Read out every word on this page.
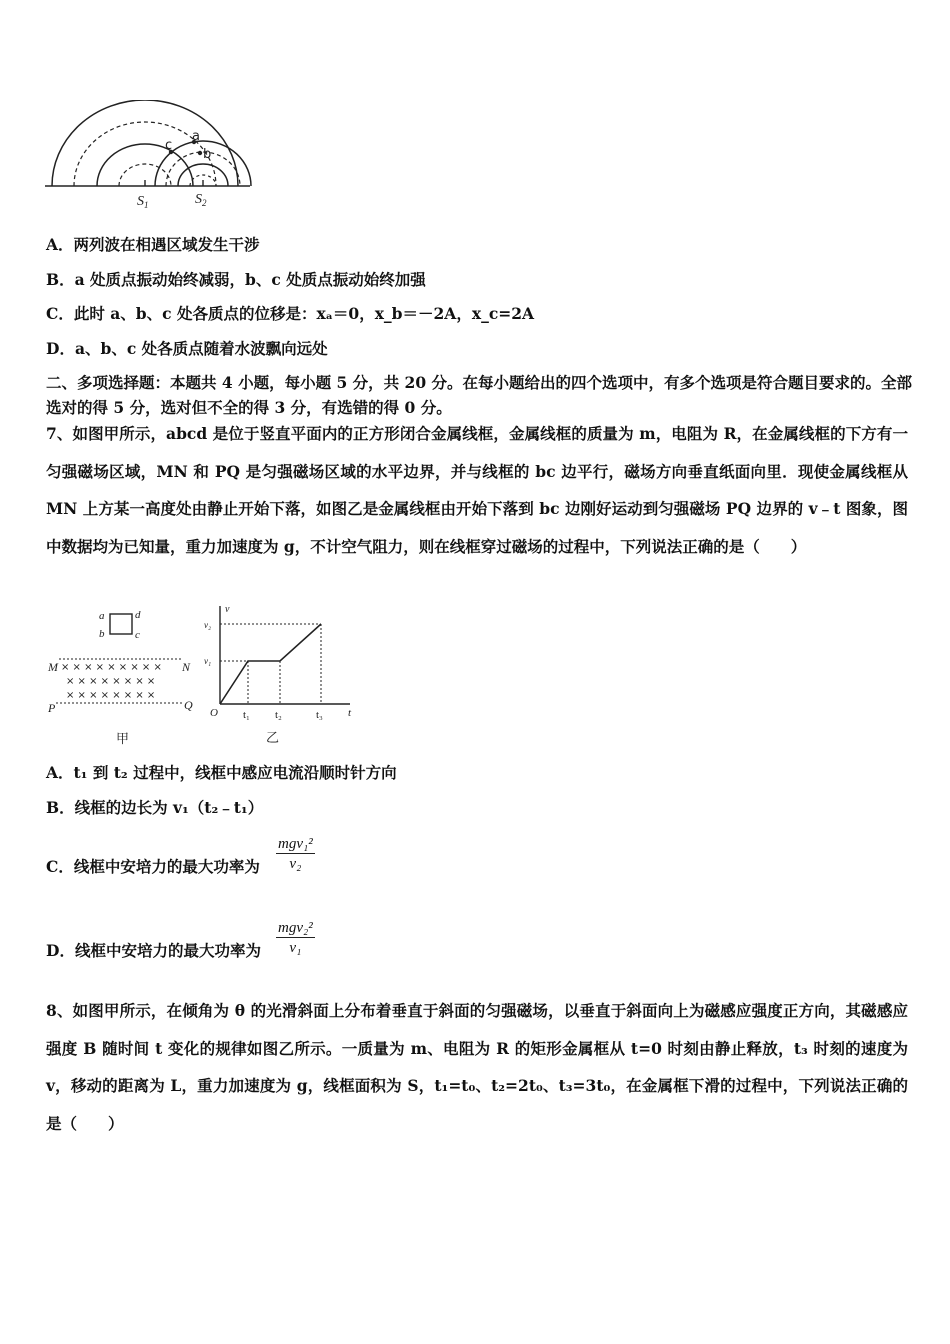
a
b
c
$S_1$	$S_2$
A．两列波在相遇区域发生干涉
B．a 处质点振动始终减弱，b、c 处质点振动始终加强
C．此时 a、b、c 处各质点的位移是：xₐ＝0，x_b＝－2A，x_c=2A
D．a、b、c 处各质点随着水波飘向远处
二、多项选择题：本题共 4 小题，每小题 5 分，共 20 分。在每小题给出的四个选项中，有多个选项是符合题目要求的。全部选对的得 5 分，选对但不全的得 3 分，有选错的得 0 分。
7、如图甲所示，abcd 是位于竖直平面内的正方形闭合金属线框，金属线框的质量为 m，电阻为 R，在金属线框的下方有一匀强磁场区域，MN 和 PQ 是匀强磁场区域的水平边界，并与线框的 bc 边平行，磁场方向垂直纸面向里．现使金属线框从 MN 上方某一高度处由静止开始下落，如图乙是金属线框由开始下落到 bc 边刚好运动到匀强磁场 PQ 边界的 v﹣t 图象，图中数据均为已知量，重力加速度为 g，不计空气阻力，则在线框穿过磁场的过程中，下列说法正确的是（　　）
a
b	c
d
M	N
P	Q
× × × × × × × × ×
× × × × × × × ×
× × × × × × × ×
甲
v
v₂
v₁
O t₁ t₂	t₃ t
乙
A．t₁ 到 t₂ 过程中，线框中感应电流沿顺时针方向
B．线框的边长为 v₁（t₂﹣t₁）
C．线框中安培力的最大功率为
mgv₁²
v₂
D．线框中安培力的最大功率为
mgv₂²
v₁
8、如图甲所示，在倾角为 θ 的光滑斜面上分布着垂直于斜面的匀强磁场，以垂直于斜面向上为磁感应强度正方向，其磁感应强度 B 随时间 t 变化的规律如图乙所示。一质量为 m、电阻为 R 的矩形金属框从 t=0 时刻由静止释放，t₃ 时刻的速度为 v，移动的距离为 L，重力加速度为 g，线框面积为 S，t₁=t₀、t₂=2t₀、t₃=3t₀，在金属框下滑的过程中，下列说法正确的是（　　）
